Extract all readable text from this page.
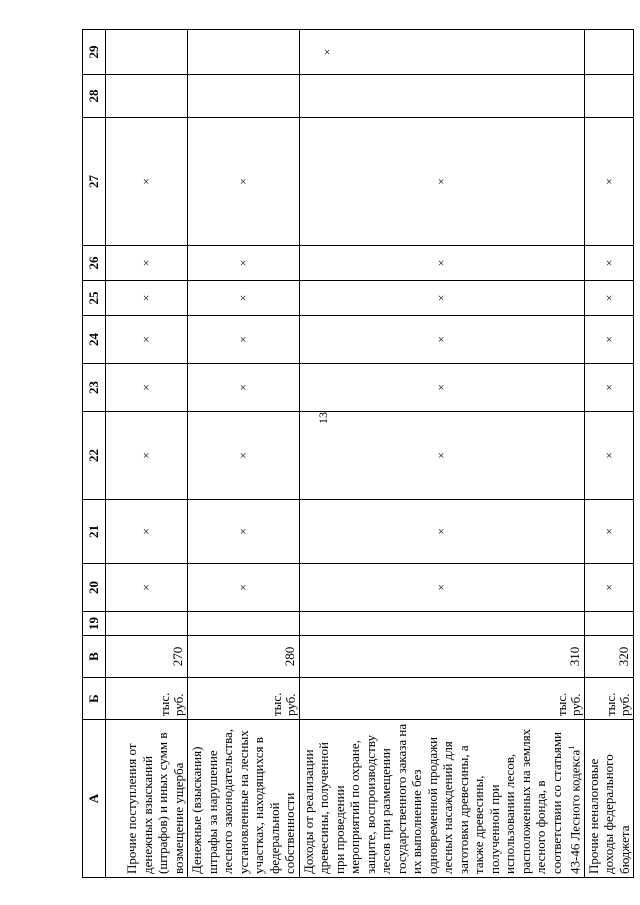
13
А	Б	В	19	20	21	22	23	24	25	26	27	28	29
Прочие поступления от денежных взысканий (штрафов) и иных сумм в возмещение ущерба	тыс. руб.	270		×	×	×	×	×	×	×	×		
Денежные (взыскания) штрафы за нарушение лесного законодательства, установленные на лесных участках, находящихся в федеральной собственности	тыс. руб.	280		×	×	×	×	×	×	×	×		
Доходы от реализации древесины, полученной при проведении мероприятий по охране, защите, воспроизводству лесов при размещении государственного заказа на их выполнение без одновременной продажи лесных насаждений для заготовки древесины, а также древесины, полученной при использовании лесов, расположенных на землях лесного фонда, в соответствии со статьями 43-46 Лесного кодекса$^1$	тыс. руб.	310		×	×	×	×	×	×	×	×		×
Прочие неналоговые доходы федерального бюджета	тыс. руб.	320		×	×	×	×	×	×	×	×		
